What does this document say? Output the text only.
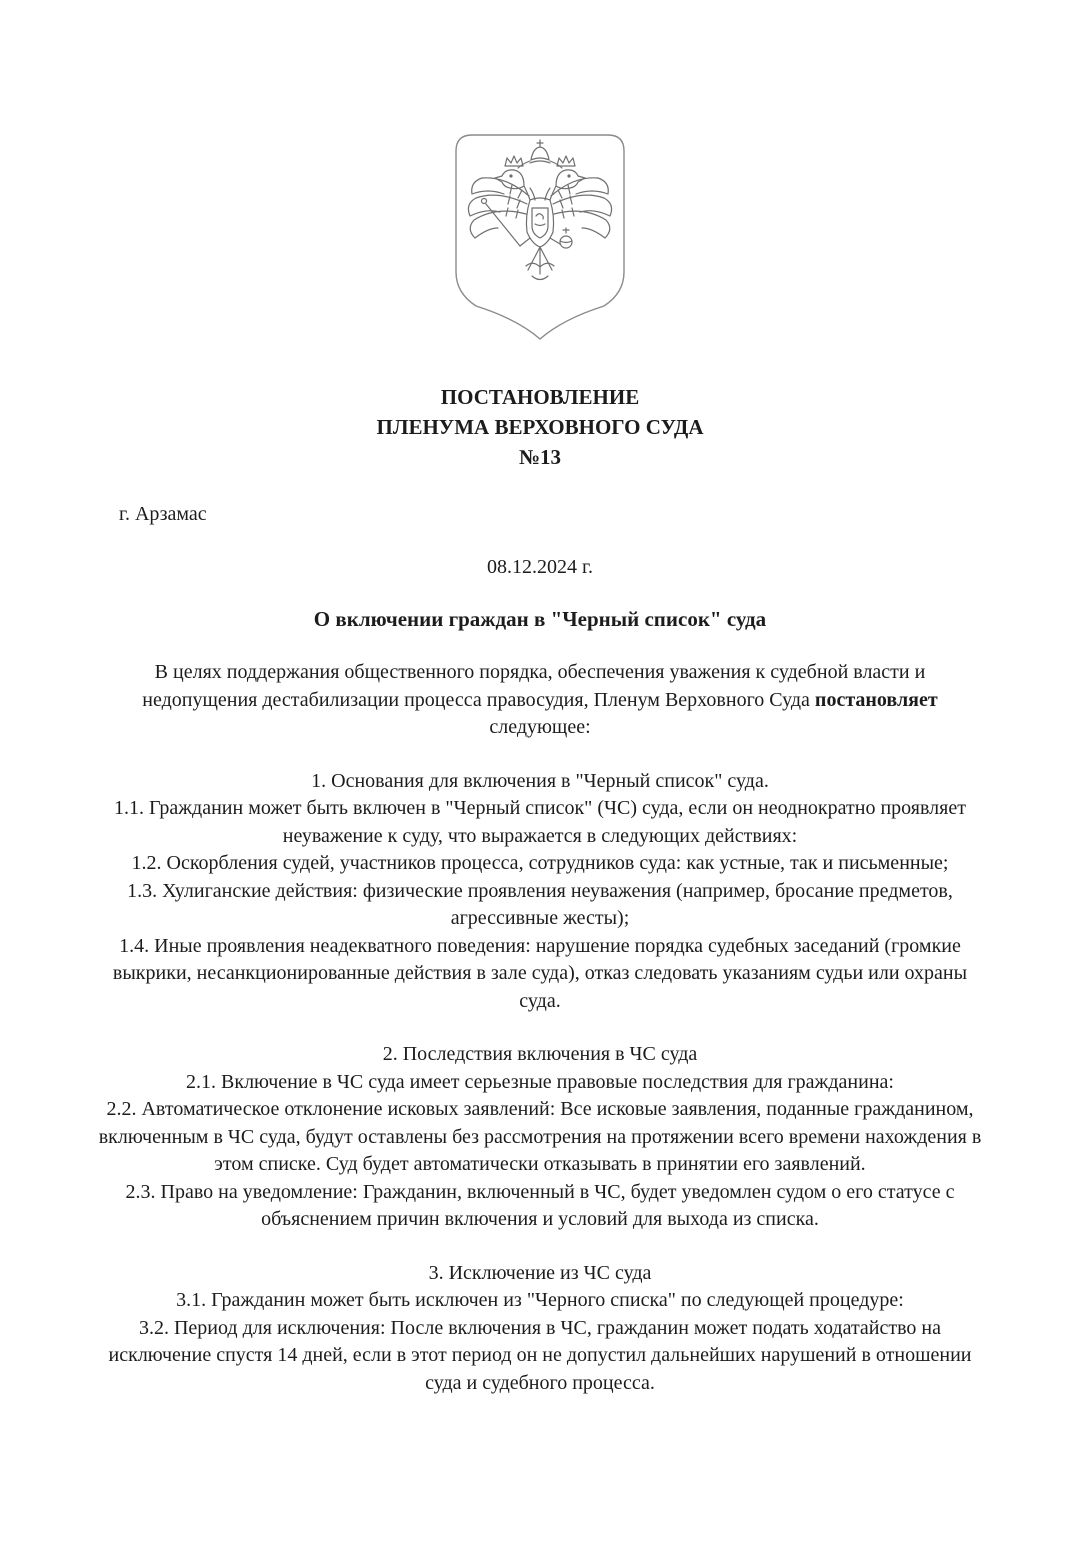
ПОСТАНОВЛЕНИЕ
ПЛЕНУМА ВЕРХОВНОГО СУДА
№13
г. Арзамас
08.12.2024 г.
О включении граждан в "Черный список" суда

В целях поддержания общественного порядка, обеспечения уважения к судебной власти и недопущения дестабилизации процесса правосудия, Пленум Верховного Суда постановляет следующее:

1. Основания для включения в "Черный список" суда.

1.1. Гражданин может быть включен в "Черный список" (ЧС) суда, если он неоднократно проявляет неуважение к суду, что выражается в следующих действиях:

1.2. Оскорбления судей, участников процесса, сотрудников суда: как устные, так и письменные;

1.3. Хулиганские действия: физические проявления неуважения (например, бросание предметов, агрессивные жесты);

1.4. Иные проявления неадекватного поведения: нарушение порядка судебных заседаний (громкие выкрики, несанкционированные действия в зале суда), отказ следовать указаниям судьи или охраны суда.

2. Последствия включения в ЧС суда

2.1. Включение в ЧС суда имеет серьезные правовые последствия для гражданина:

2.2. Автоматическое отклонение исковых заявлений: Все исковые заявления, поданные гражданином, включенным в ЧС суда, будут оставлены без рассмотрения на протяжении всего времени нахождения в этом списке. Суд будет автоматически отказывать в принятии его заявлений.

2.3. Право на уведомление: Гражданин, включенный в ЧС, будет уведомлен судом о его статусе с объяснением причин включения и условий для выхода из списка.

3. Исключение из ЧС суда

3.1. Гражданин может быть исключен из "Черного списка" по следующей процедуре:

3.2. Период для исключения: После включения в ЧС, гражданин может подать ходатайство на исключение спустя 14 дней, если в этот период он не допустил дальнейших нарушений в отношении суда и судебного процесса.
